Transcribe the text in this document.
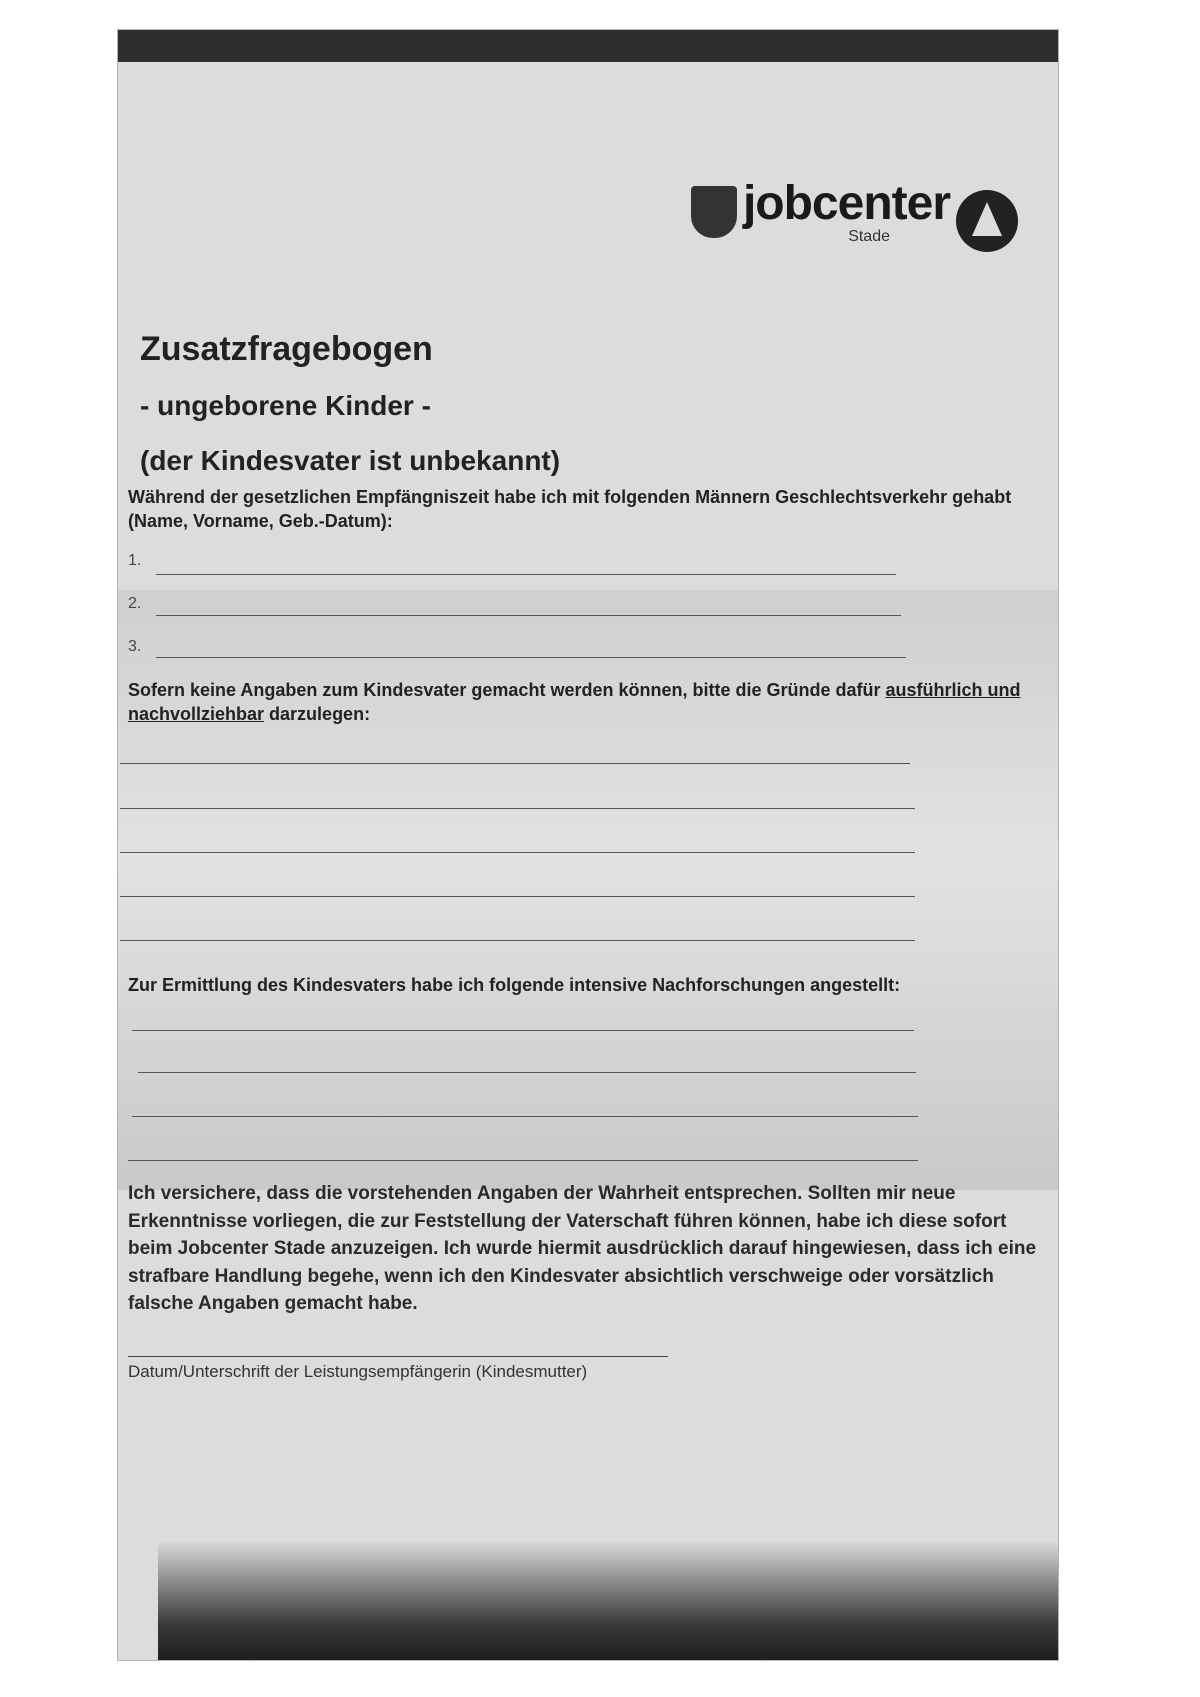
jobcenter
Stade
Zusatzfragebogen
- ungeborene Kinder -
(der Kindesvater ist unbekannt)
Während der gesetzlichen Empfängniszeit habe ich mit folgenden Männern Geschlechtsverkehr gehabt (Name, Vorname, Geb.-Datum):
1.
2.
3.
Sofern keine Angaben zum Kindesvater gemacht werden können, bitte die Gründe dafür ausführlich und nachvollziehbar darzulegen:
Zur Ermittlung des Kindesvaters habe ich folgende intensive Nachforschungen angestellt:
Ich versichere, dass die vorstehenden Angaben der Wahrheit entsprechen. Sollten mir neue Erkenntnisse vorliegen, die zur Feststellung der Vaterschaft führen können, habe ich diese sofort beim Jobcenter Stade anzuzeigen. Ich wurde hiermit ausdrücklich darauf hingewiesen, dass ich eine strafbare Handlung begehe, wenn ich den Kindesvater absichtlich verschweige oder vorsätzlich falsche Angaben gemacht habe.
Datum/Unterschrift der Leistungsempfängerin (Kindesmutter)
